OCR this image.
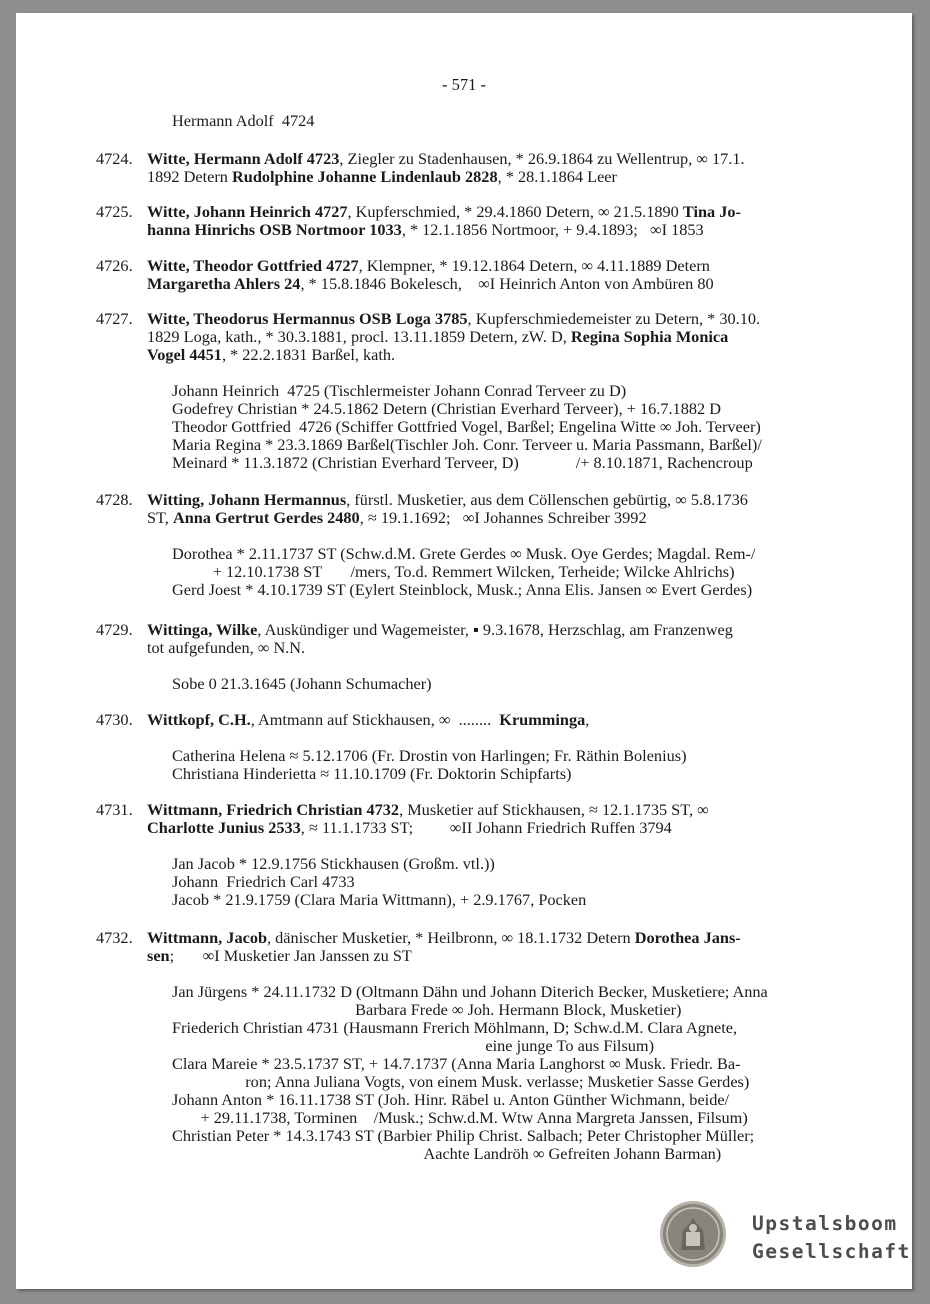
- 571 -
Hermann Adolf  4724
4724. Witte, Hermann Adolf 4723, Ziegler zu Stadenhausen, * 26.9.1864 zu Wellentrup, ∞ 17.1.
1892 Detern Rudolphine Johanne Lindenlaub 2828, * 28.1.1864 Leer
4725. Witte, Johann Heinrich 4727, Kupferschmied, * 29.4.1860 Detern, ∞ 21.5.1890 Tina Jo-
hanna Hinrichs OSB Nortmoor 1033, * 12.1.1856 Nortmoor, + 9.4.1893;   ∞I 1853
4726. Witte, Theodor Gottfried 4727, Klempner, * 19.12.1864 Detern, ∞ 4.11.1889 Detern
Margaretha Ahlers 24, * 15.8.1846 Bokelesch,    ∞I Heinrich Anton von Ambüren 80
4727. Witte, Theodorus Hermannus OSB Loga 3785, Kupferschmiedemeister zu Detern, * 30.10.
1829 Loga, kath., * 30.3.1881, procl. 13.11.1859 Detern, zW. D, Regina Sophia Monica
Vogel 4451, * 22.2.1831 Barßel, kath.
Johann Heinrich  4725 (Tischlermeister Johann Conrad Terveer zu D)
Godefrey Christian * 24.5.1862 Detern (Christian Everhard Terveer), + 16.7.1882 D
Theodor Gottfried  4726 (Schiffer Gottfried Vogel, Barßel; Engelina Witte ∞ Joh. Terveer)
Maria Regina * 23.3.1869 Barßel(Tischler Joh. Conr. Terveer u. Maria Passmann, Barßel)/
Meinard * 11.3.1872 (Christian Everhard Terveer, D)              /+ 8.10.1871, Rachencroup
4728. Witting, Johann Hermannus, fürstl. Musketier, aus dem Cöllenschen gebürtig, ∞ 5.8.1736
ST, Anna Gertrut Gerdes 2480, ≈ 19.1.1692;   ∞I Johannes Schreiber 3992
Dorothea * 2.11.1737 ST (Schw.d.M. Grete Gerdes ∞ Musk. Oye Gerdes; Magdal. Rem-/
+ 12.10.1738 ST       /mers, To.d. Remmert Wilcken, Terheide; Wilcke Ahlrichs)
Gerd Joest * 4.10.1739 ST (Eylert Steinblock, Musk.; Anna Elis. Jansen ∞ Evert Gerdes)
4729. Wittinga, Wilke, Auskündiger und Wagemeister, ▪ 9.3.1678, Herzschlag, am Franzenweg
tot aufgefunden, ∞ N.N.
Sobe 0 21.3.1645 (Johann Schumacher)
4730. Wittkopf, C.H., Amtmann auf Stickhausen, ∞  ........  Krumminga,
Catherina Helena ≈ 5.12.1706 (Fr. Drostin von Harlingen; Fr. Räthin Bolenius)
Christiana Hinderietta ≈ 11.10.1709 (Fr. Doktorin Schipfarts)
4731. Wittmann, Friedrich Christian 4732, Musketier auf Stickhausen, ≈ 12.1.1735 ST, ∞
Charlotte Junius 2533, ≈ 11.1.1733 ST;         ∞II Johann Friedrich Ruffen 3794
Jan Jacob * 12.9.1756 Stickhausen (Großm. vtl.))
Johann  Friedrich Carl 4733
Jacob * 21.9.1759 (Clara Maria Wittmann), + 2.9.1767, Pocken
4732. Wittmann, Jacob, dänischer Musketier, * Heilbronn, ∞ 18.1.1732 Detern Dorothea Jans-
sen;       ∞I Musketier Jan Janssen zu ST
Jan Jürgens * 24.11.1732 D (Oltmann Dähn und Johann Diterich Becker, Musketiere; Anna
Barbara Frede ∞ Joh. Hermann Block, Musketier)
Friederich Christian 4731 (Hausmann Frerich Möhlmann, D; Schw.d.M. Clara Agnete,
eine junge To aus Filsum)
Clara Mareie * 23.5.1737 ST, + 14.7.1737 (Anna Maria Langhorst ∞ Musk. Friedr. Ba-
ron; Anna Juliana Vogts, von einem Musk. verlasse; Musketier Sasse Gerdes)
Johann Anton * 16.11.1738 ST (Joh. Hinr. Räbel u. Anton Günther Wichmann, beide/
+ 29.11.1738, Torminen    /Musk.; Schw.d.M. Wtw Anna Margreta Janssen, Filsum)
Christian Peter * 14.3.1743 ST (Barbier Philip Christ. Salbach; Peter Christopher Müller;
Aachte Landröh ∞ Gefreiten Johann Barman)
Upstalsboom
Gesellschaft
